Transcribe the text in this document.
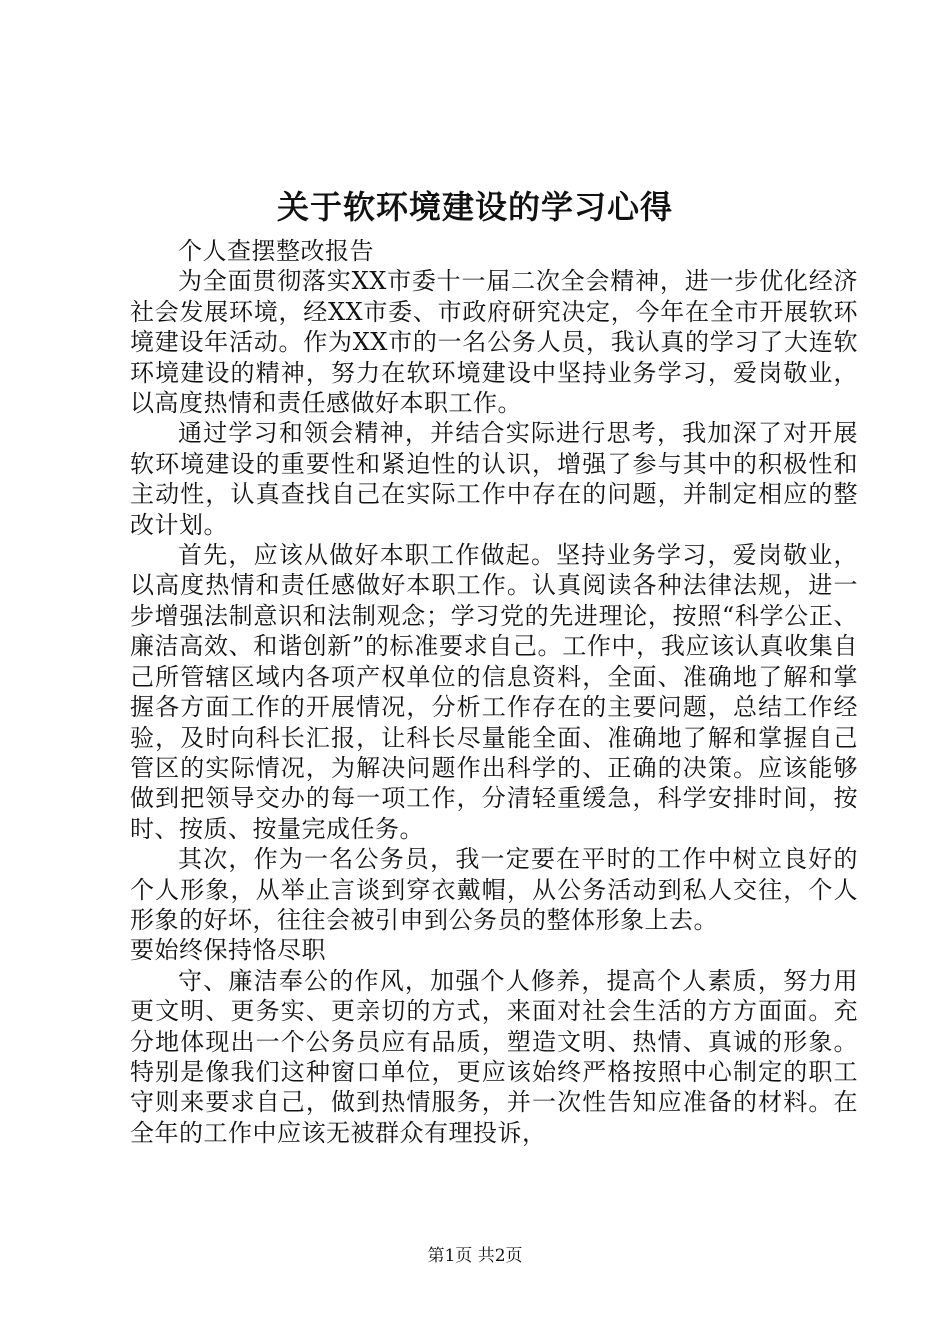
关于软环境建设的学习心得

个人查摆整改报告

为全面贯彻落实XX市委十一届二次全会精神，进一步优化经济社会发展环境，经XX市委、市政府研究决定，今年在全市开展软环境建设年活动。作为XX市的一名公务人员，我认真的学习了大连软环境建设的精神，努力在软环境建设中坚持业务学习，爱岗敬业，以高度热情和责任感做好本职工作。

通过学习和领会精神，并结合实际进行思考，我加深了对开展软环境建设的重要性和紧迫性的认识，增强了参与其中的积极性和主动性，认真查找自己在实际工作中存在的问题，并制定相应的整改计划。

首先，应该从做好本职工作做起。坚持业务学习，爱岗敬业，以高度热情和责任感做好本职工作。认真阅读各种法律法规，进一步增强法制意识和法制观念；学习党的先进理论，按照“科学公正、廉洁高效、和谐创新”的标准要求自己。工作中，我应该认真收集自己所管辖区域内各项产权单位的信息资料，全面、准确地了解和掌握各方面工作的开展情况，分析工作存在的主要问题，总结工作经验，及时向科长汇报，让科长尽量能全面、准确地了解和掌握自己管区的实际情况，为解决问题作出科学的、正确的决策。应该能够做到把领导交办的每一项工作，分清轻重缓急，科学安排时间，按时、按质、按量完成任务。

其次，作为一名公务员，我一定要在平时的工作中树立良好的个人形象，从举止言谈到穿衣戴帽，从公务活动到私人交往，个人形象的好坏，往往会被引申到公务员的整体形象上去。

要始终保持恪尽职

守、廉洁奉公的作风，加强个人修养，提高个人素质，努力用更文明、更务实、更亲切的方式，来面对社会生活的方方面面。充分地体现出一个公务员应有品质，塑造文明、热情、真诚的形象。特别是像我们这种窗口单位，更应该始终严格按照中心制定的职工守则来要求自己，做到热情服务，并一次性告知应准备的材料。在全年的工作中应该无被群众有理投诉，

第1页 共2页
